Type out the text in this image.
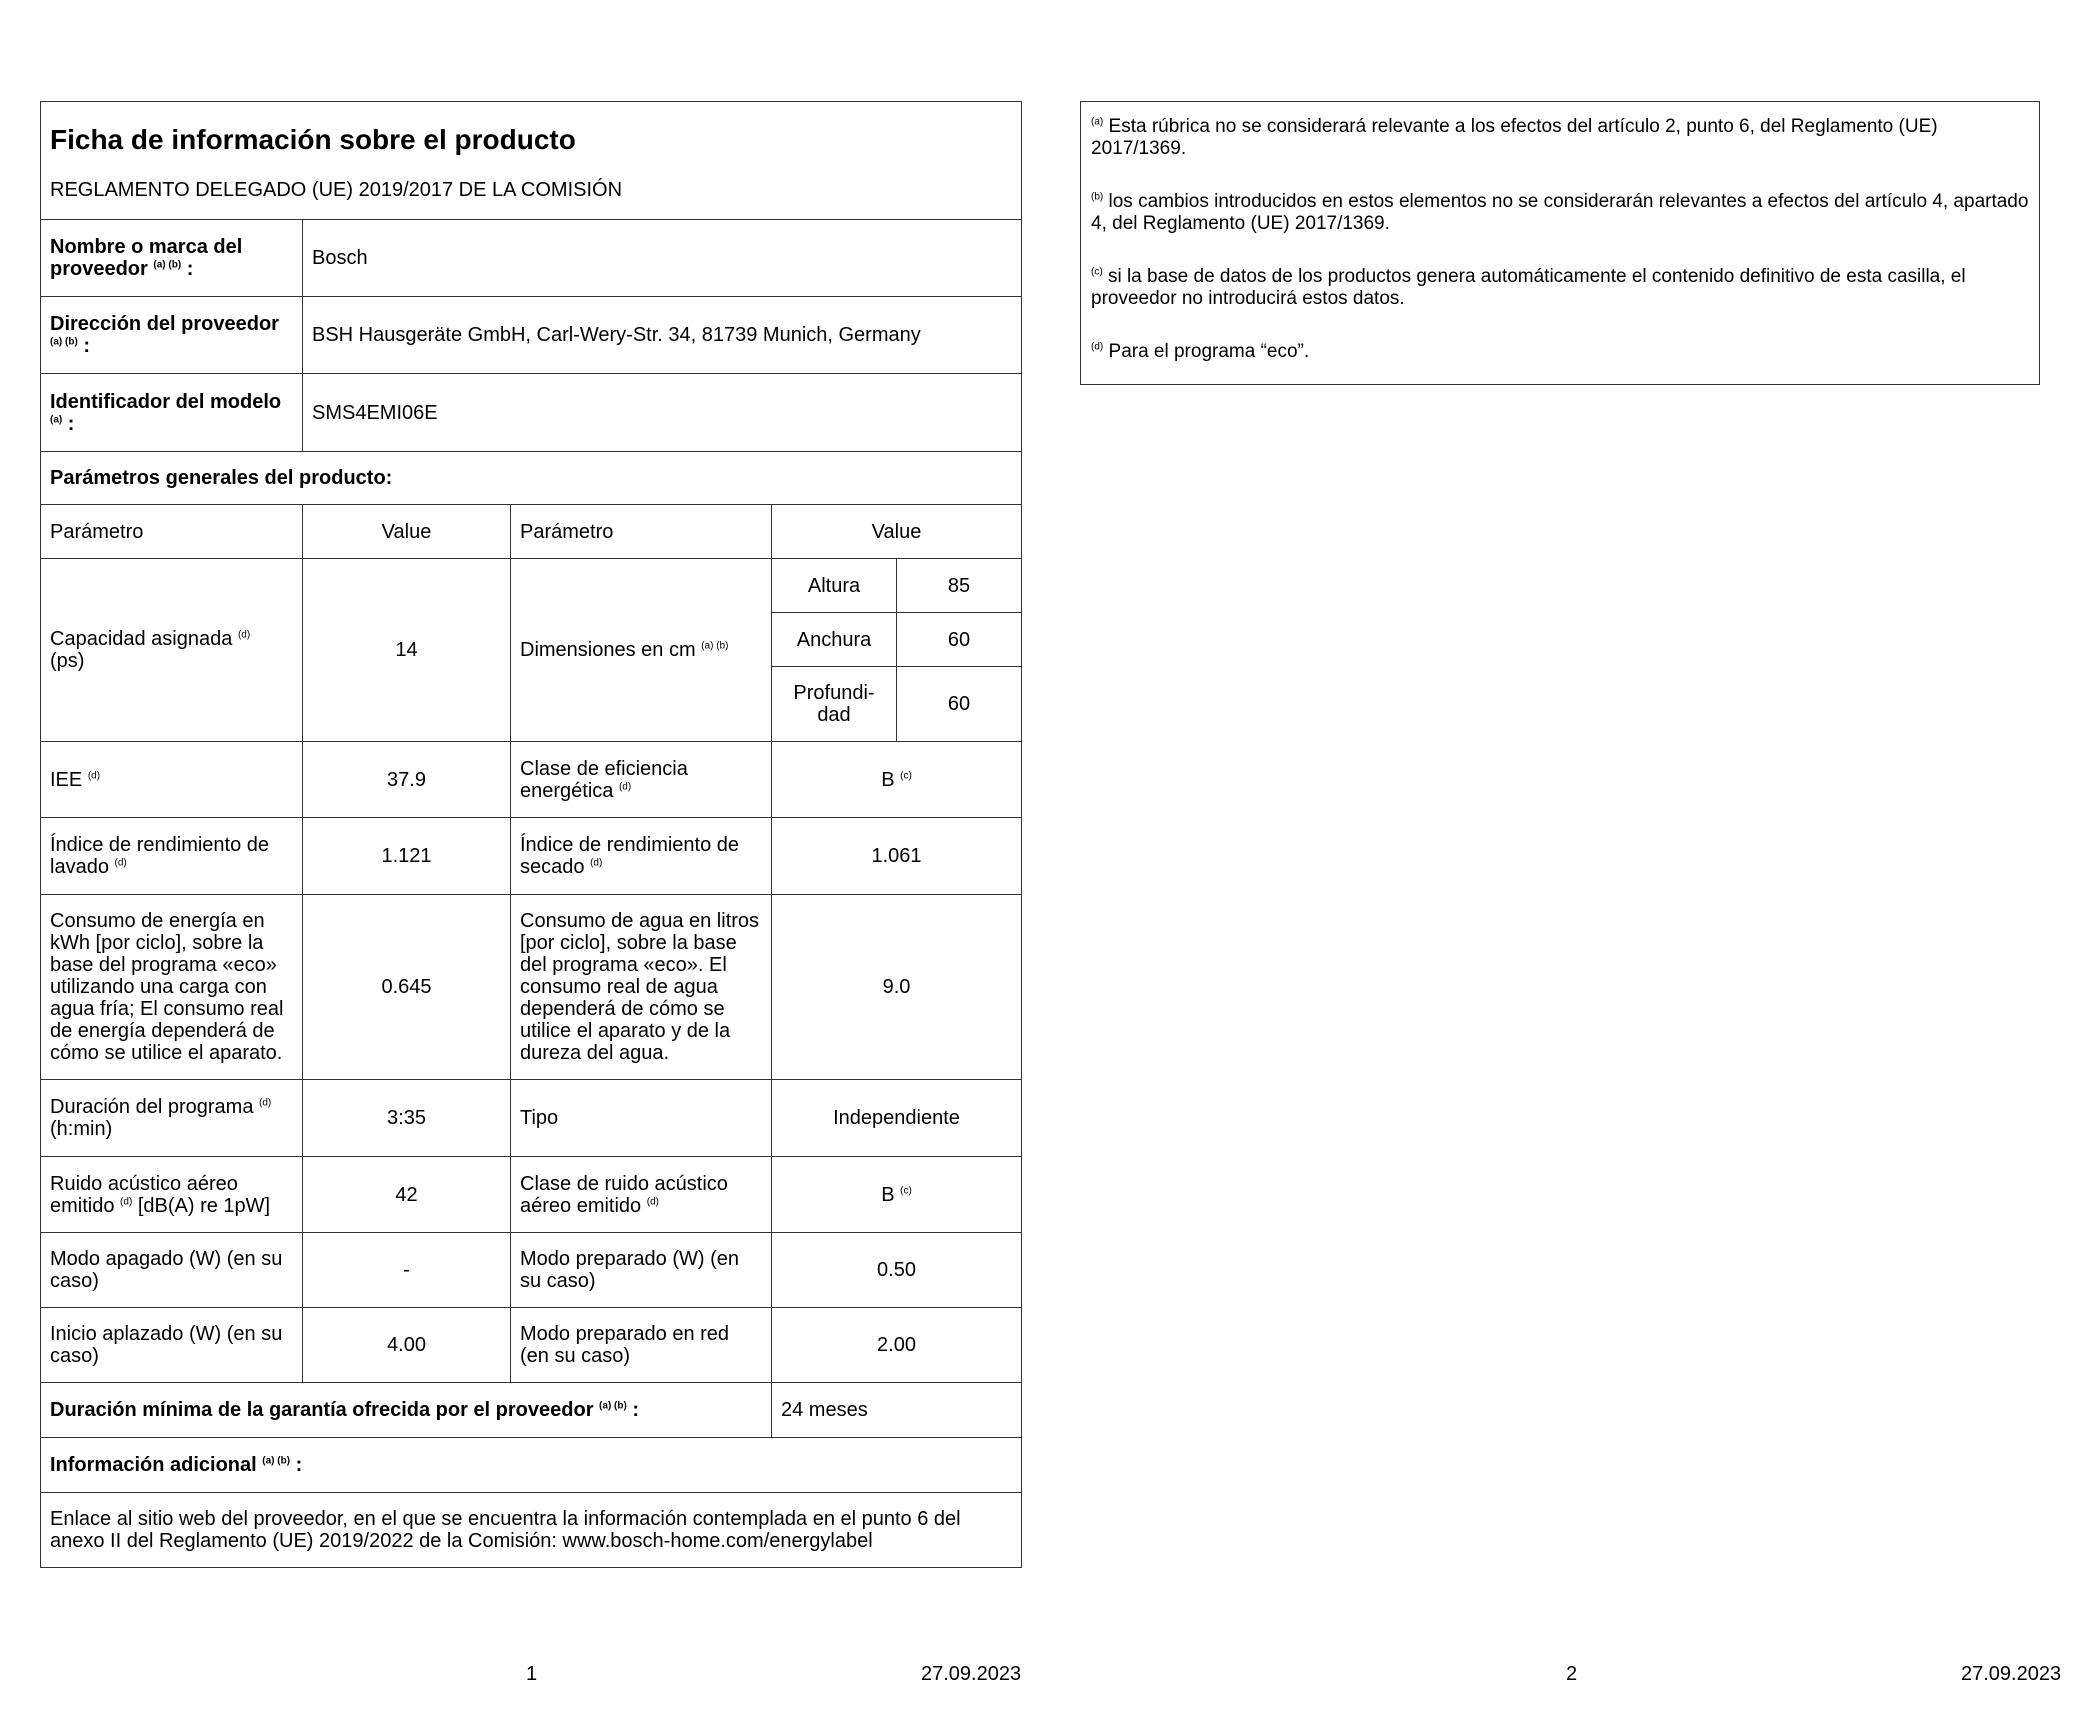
Ficha de información sobre el producto				
REGLAMENTO DELEGADO (UE) 2019/2017 DE LA COMISIÓN				
Nombre o marca del proveedor $^{(a) (b)}$ :	Bosch			
Dirección del proveedor $^{(a) (b)}$ :	BSH Hausgeräte GmbH, Carl-Wery-Str. 34, 81739 Munich, Germany			
Identificador del modelo $^{(a)}$ :	SMS4EMI06E			
Parámetros generales del producto:				
Parámetro	Value	Parámetro	Value	
Capacidad asignada $^{(d)}$
(ps)	14	Dimensiones en cm $^{(a) (b)}$	Altura	85
			Anchura	60
			Profundi-dad	60
IEE $^{(d)}$	37.9	Clase de eficiencia energética $^{(d)}$	B $^{(c)}$
Índice de rendimiento de lavado $^{(d)}$	1.121	Índice de rendimiento de secado $^{(d)}$	1.061	
Consumo de energía en kWh [por ciclo], sobre la base del programa «eco» utilizando una carga con agua fría; El consumo real de energía dependerá de cómo se utilice el aparato.	0.645	Consumo de agua en litros [por ciclo], sobre la base del programa «eco». El consumo real de agua dependerá de cómo se utilice el aparato y de la dureza del agua.	9.0	
Duración del programa $^{(d)}$
(h:min)	3:35	Tipo	Independiente	
Ruido acústico aéreo emitido $^{(d)}$ [dB(A) re 1pW]	42	Clase de ruido acústico aéreo emitido $^{(d)}$	B $^{(c)}$
Modo apagado (W) (en su caso)	-	Modo preparado (W) (en su caso)	0.50	
Inicio aplazado (W) (en su caso)	4.00	Modo preparado en red (en su caso)	2.00	
Duración mínima de la garantía ofrecida por el proveedor $^{(a) (b)}$ :			24 meses	
Información adicional $^{(a) (b)}$ :				
Enlace al sitio web del proveedor, en el que se encuentra la información contemplada en el punto 6 del anexo II del Reglamento (UE) 2019/2022 de la Comisión: www.bosch-home.com/energylabel				

$^{(a)}$ Esta rúbrica no se considerará relevante a los efectos del artículo 2, punto 6, del Reglamento (UE) 2017/1369.

$^{(b)}$ los cambios introducidos en estos elementos no se considerarán relevantes a efectos del artículo 4, apartado 4, del Reglamento (UE) 2017/1369.

$^{(c)}$ si la base de datos de los productos genera automáticamente el contenido definitivo de esta casilla, el proveedor no introducirá estos datos.

$^{(d)}$ Para el programa “eco”.

1	27.09.2023	2	27.09.2023
